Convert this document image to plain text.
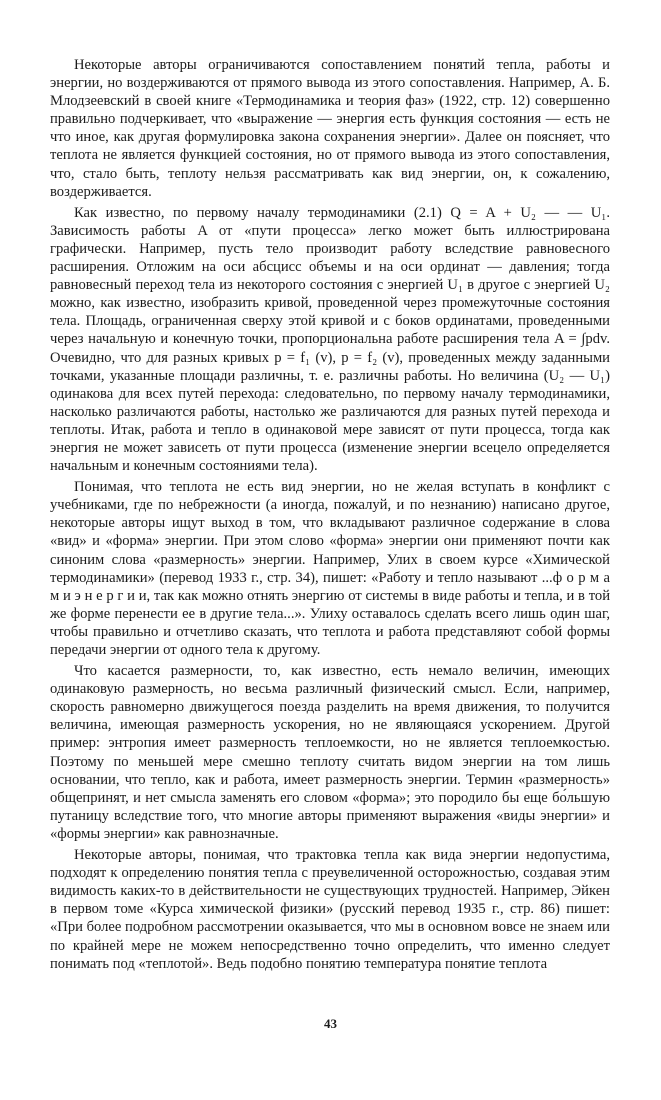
Некоторые авторы ограничиваются сопоставлением понятий тепла, работы и энергии, но воздерживаются от прямого вывода из этого сопоставления. Например, А. Б. Млодзеевский в своей книге «Термодинамика и теория фаз» (1922, стр. 12) совершенно правильно подчеркивает, что «выражение — энергия есть функция состояния — есть не что иное, как другая формулировка закона сохранения энергии». Далее он поясняет, что теплота не является функцией состояния, но от прямого вывода из этого сопоставления, что, стало быть, теплоту нельзя рассматривать как вид энергии, он, к сожалению, воздерживается.

Как известно, по первому началу термодинамики (2.1) Q = A + U₂ — — U₁. Зависимость работы A от «пути процесса» легко может быть иллюстрирована графически. Например, пусть тело производит работу вследствие равновесного расширения. Отложим на оси абсцисс объемы и на оси ординат — давления; тогда равновесный переход тела из некоторого состояния с энергией U₁ в другое с энергией U₂ можно, как известно, изобразить кривой, проведенной через промежуточные состояния тела. Площадь, ограниченная сверху этой кривой и с боков ординатами, проведенными через начальную и конечную точки, пропорциональна работе расширения тела A = ∫pdv. Очевидно, что для разных кривых p = f₁ (v), p = f₂ (v), проведенных между заданными точками, указанные площади различны, т. е. различны работы. Но величина (U₂ — U₁) одинакова для всех путей перехода: следовательно, по первому началу термодинамики, насколько различаются работы, настолько же различаются для разных путей перехода и теплоты. Итак, работа и тепло в одинаковой мере зависят от пути процесса, тогда как энергия не может зависеть от пути процесса (изменение энергии всецело определяется начальным и конечным состояниями тела).

Понимая, что теплота не есть вид энергии, но не желая вступать в конфликт с учебниками, где по небрежности (а иногда, пожалуй, и по незнанию) написано другое, некоторые авторы ищут выход в том, что вкладывают различное содержание в слова «вид» и «форма» энергии. При этом слово «форма» энергии они применяют почти как синоним слова «размерность» энергии. Например, Улих в своем курсе «Химической термодинамики» (перевод 1933 г., стр. 34), пишет: «Работу и тепло называют ...ф о р м а м и э н е р г и и, так как можно отнять энергию от системы в виде работы и тепла, и в той же форме перенести ее в другие тела...». Улиху оставалось сделать всего лишь один шаг, чтобы правильно и отчетливо сказать, что теплота и работа представляют собой формы передачи энергии от одного тела к другому.

Что касается размерности, то, как известно, есть немало величин, имеющих одинаковую размерность, но весьма различный физический смысл. Если, например, скорость равномерно движущегося поезда разделить на время движения, то получится величина, имеющая размерность ускорения, но не являющаяся ускорением. Другой пример: энтропия имеет размерность теплоемкости, но не является теплоемкостью. Поэтому по меньшей мере смешно теплоту считать видом энергии на том лишь основании, что тепло, как и работа, имеет размерность энергии. Термин «размерность» общепринят, и нет смысла заменять его словом «форма»; это породило бы еще бо́льшую путаницу вследствие того, что многие авторы применяют выражения «виды энергии» и «формы энергии» как равнозначные.

Некоторые авторы, понимая, что трактовка тепла как вида энергии недопустима, подходят к определению понятия тепла с преувеличенной осторожностью, создавая этим видимость каких-то в действительности не существующих трудностей. Например, Эйкен в первом томе «Курса химической физики» (русский перевод 1935 г., стр. 86) пишет: «При более подробном рассмотрении оказывается, что мы в основном вовсе не знаем или по крайней мере не можем непосредственно точно определить, что именно следует понимать под «теплотой». Ведь подобно понятию температура понятие теплота

43
